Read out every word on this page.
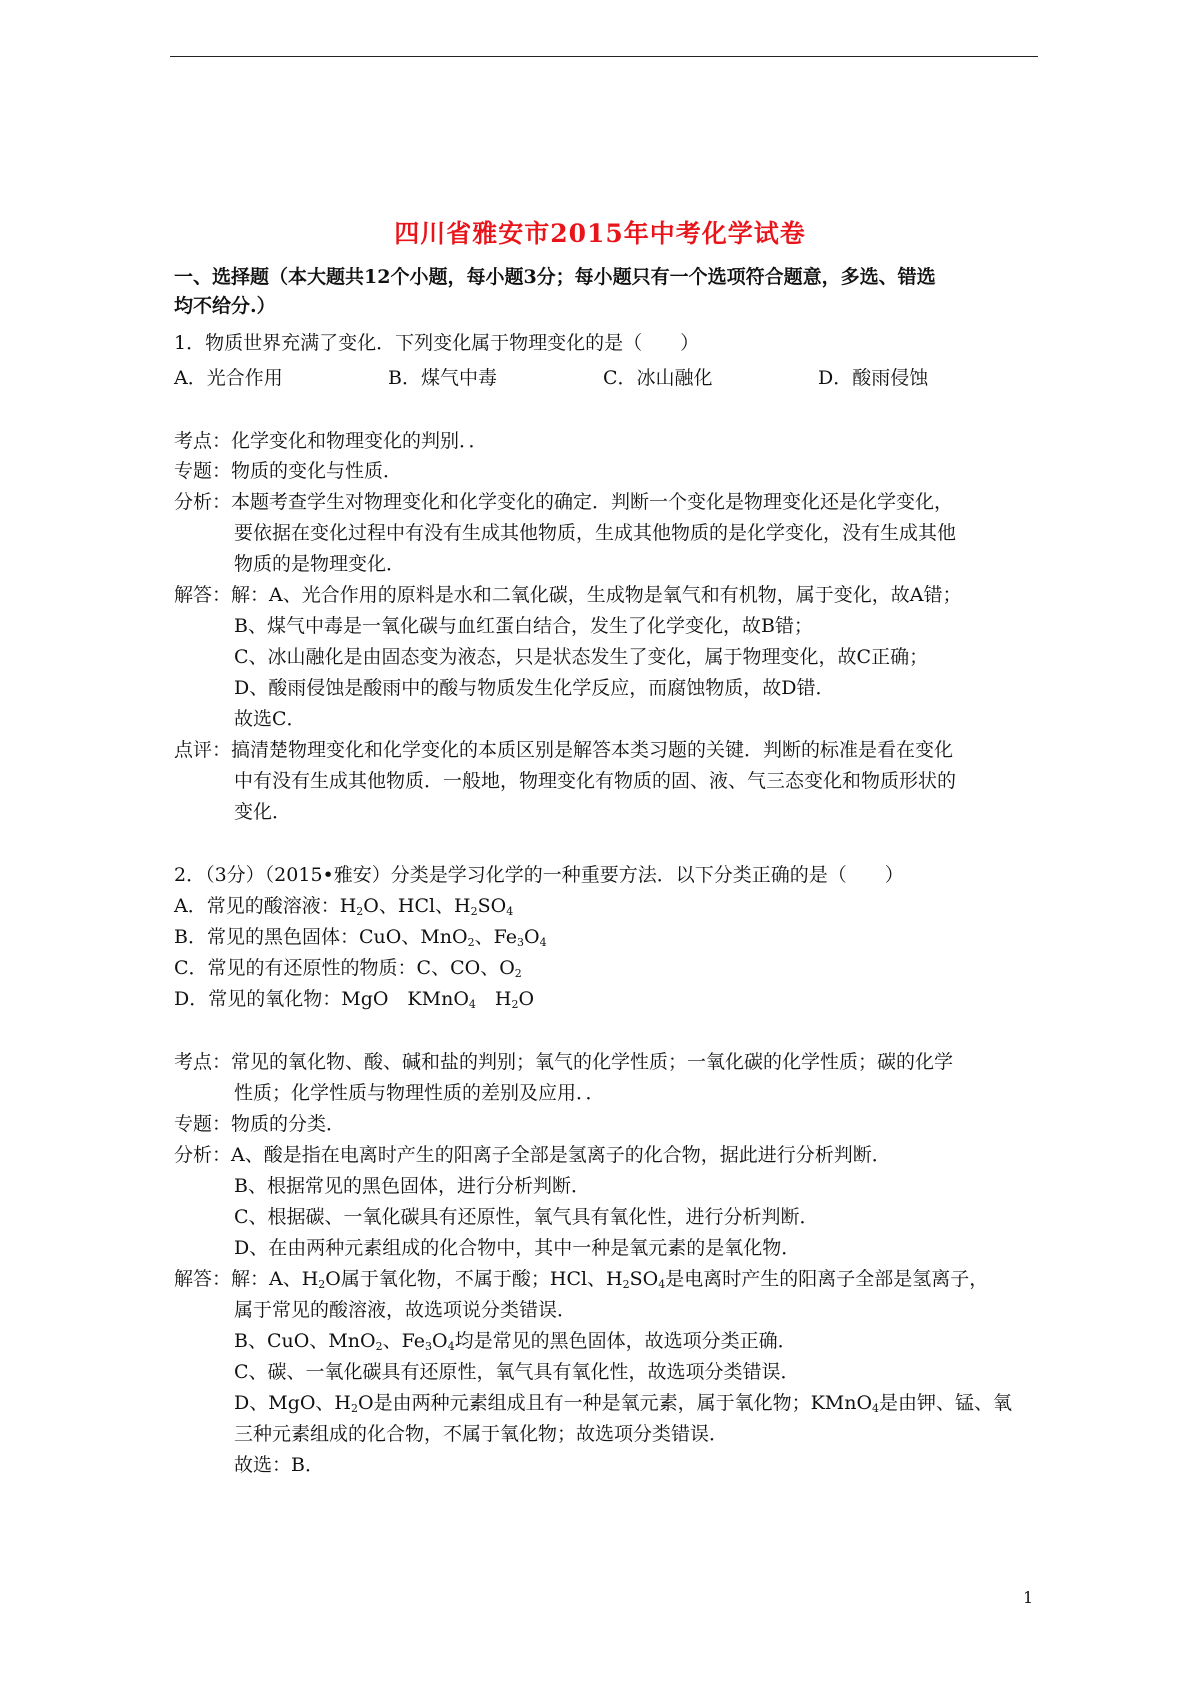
四川省雅安市2015年中考化学试卷
一、选择题（本大题共12个小题，每小题3分；每小题只有一个选项符合题意，多选、错选
均不给分.）
1．物质世界充满了变化．下列变化属于物理变化的是（　　）
A．光合作用	B．煤气中毒	C．冰山融化	D．酸雨侵蚀
考点：化学变化和物理变化的判别．．
专题：物质的变化与性质．
分析：本题考查学生对物理变化和化学变化的确定．判断一个变化是物理变化还是化学变化，
要依据在变化过程中有没有生成其他物质，生成其他物质的是化学变化，没有生成其他
物质的是物理变化．
解答：解：A、光合作用的原料是水和二氧化碳，生成物是氧气和有机物，属于变化，故A错；
B、煤气中毒是一氧化碳与血红蛋白结合，发生了化学变化，故B错；
C、冰山融化是由固态变为液态，只是状态发生了变化，属于物理变化，故C正确；
D、酸雨侵蚀是酸雨中的酸与物质发生化学反应，而腐蚀物质，故D错．
故选C．
点评：搞清楚物理变化和化学变化的本质区别是解答本类习题的关键．判断的标准是看在变化
中有没有生成其他物质．一般地，物理变化有物质的固、液、气三态变化和物质形状的
变化．
2．（3分）（2015•雅安）分类是学习化学的一种重要方法．以下分类正确的是（　　）
A．常见的酸溶液：$H_2O$、HCl、$H_2SO_4$
B．常见的黑色固体：CuO、MnO$_2$、$Fe_3O_4$
C．常见的有还原性的物质：C、CO、$O_2$
D．常见的氧化物：MgO　KMnO$_4$　$H_2O$
考点：常见的氧化物、酸、碱和盐的判别；氧气的化学性质；一氧化碳的化学性质；碳的化学
性质；化学性质与物理性质的差别及应用．．
专题：物质的分类．
分析：A、酸是指在电离时产生的阳离子全部是氢离子的化合物，据此进行分析判断．
B、根据常见的黑色固体，进行分析判断．
C、根据碳、一氧化碳具有还原性，氧气具有氧化性，进行分析判断．
D、在由两种元素组成的化合物中，其中一种是氧元素的是氧化物．
解答：解：A、$H_2O$属于氧化物，不属于酸；HCl、$H_2SO_4$是电离时产生的阳离子全部是氢离子，
属于常见的酸溶液，故选项说分类错误．
B、CuO、MnO$_2$、$Fe_3O_4$均是常见的黑色固体，故选项分类正确．
C、碳、一氧化碳具有还原性，氧气具有氧化性，故选项分类错误．
D、MgO、$H_2O$是由两种元素组成且有一种是氧元素，属于氧化物；KMnO$_4$是由钾、锰、氧
三种元素组成的化合物，不属于氧化物；故选项分类错误．
故选：B．
1
